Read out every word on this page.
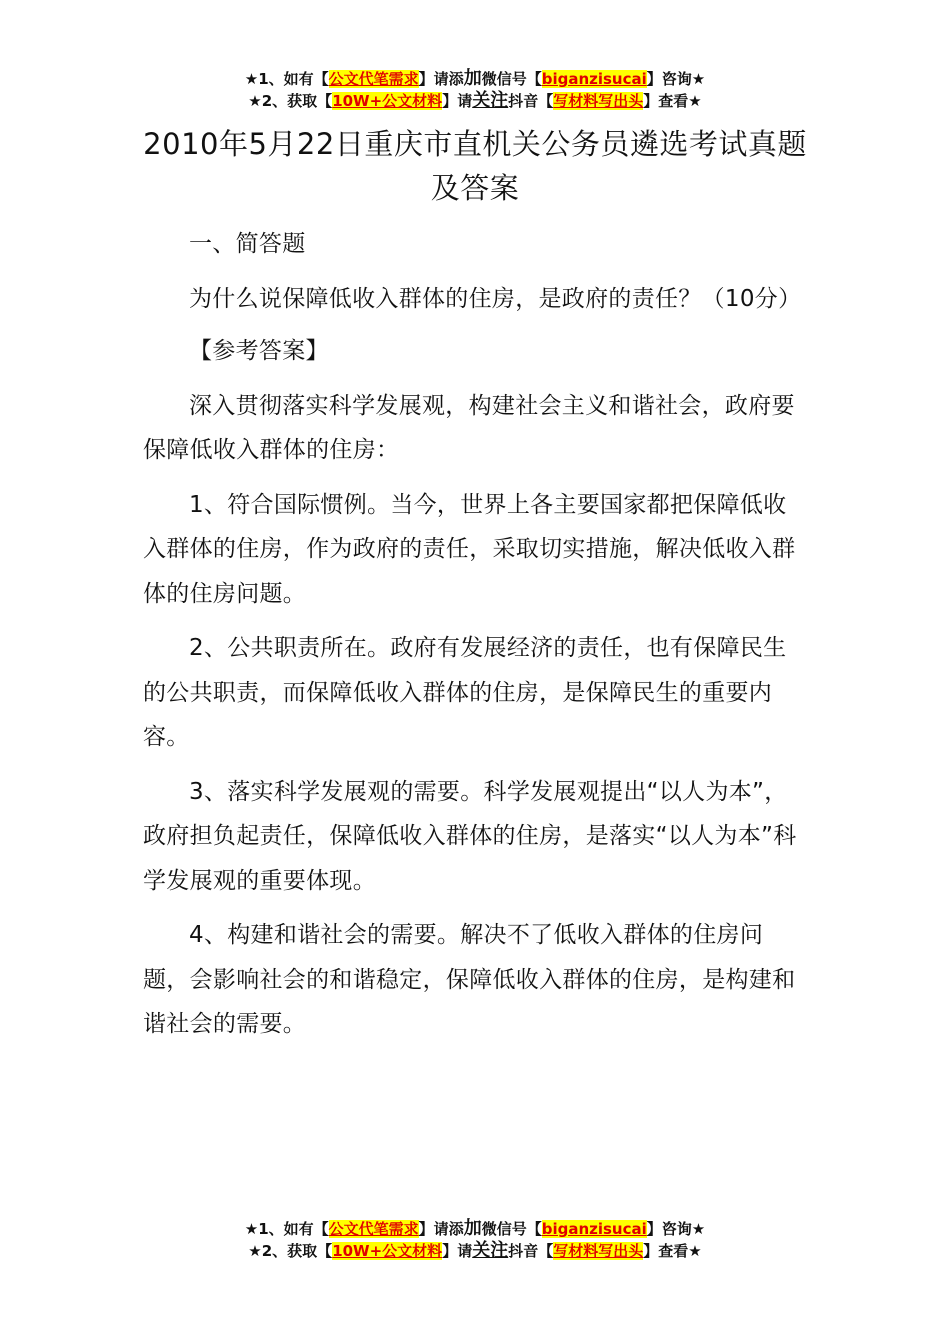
★1、如有【公文代笔需求】请添加微信号【biganzisucai】咨询★
★2、获取【10W+公文材料】请关注抖音【写材料写出头】查看★
2010年5月22日重庆市直机关公务员遴选考试真题及答案

一、简答题

为什么说保障低收入群体的住房，是政府的责任？（10分）

【参考答案】

深入贯彻落实科学发展观，构建社会主义和谐社会，政府要保障低收入群体的住房：

1、符合国际惯例。当今，世界上各主要国家都把保障低收入群体的住房，作为政府的责任，采取切实措施，解决低收入群体的住房问题。

2、公共职责所在。政府有发展经济的责任，也有保障民生的公共职责，而保障低收入群体的住房，是保障民生的重要内容。

3、落实科学发展观的需要。科学发展观提出“以人为本”，政府担负起责任，保障低收入群体的住房，是落实“以人为本”科学发展观的重要体现。

4、构建和谐社会的需要。解决不了低收入群体的住房问题，会影响社会的和谐稳定，保障低收入群体的住房，是构建和谐社会的需要。

★1、如有【公文代笔需求】请添加微信号【biganzisucai】咨询★
★2、获取【10W+公文材料】请关注抖音【写材料写出头】查看★
